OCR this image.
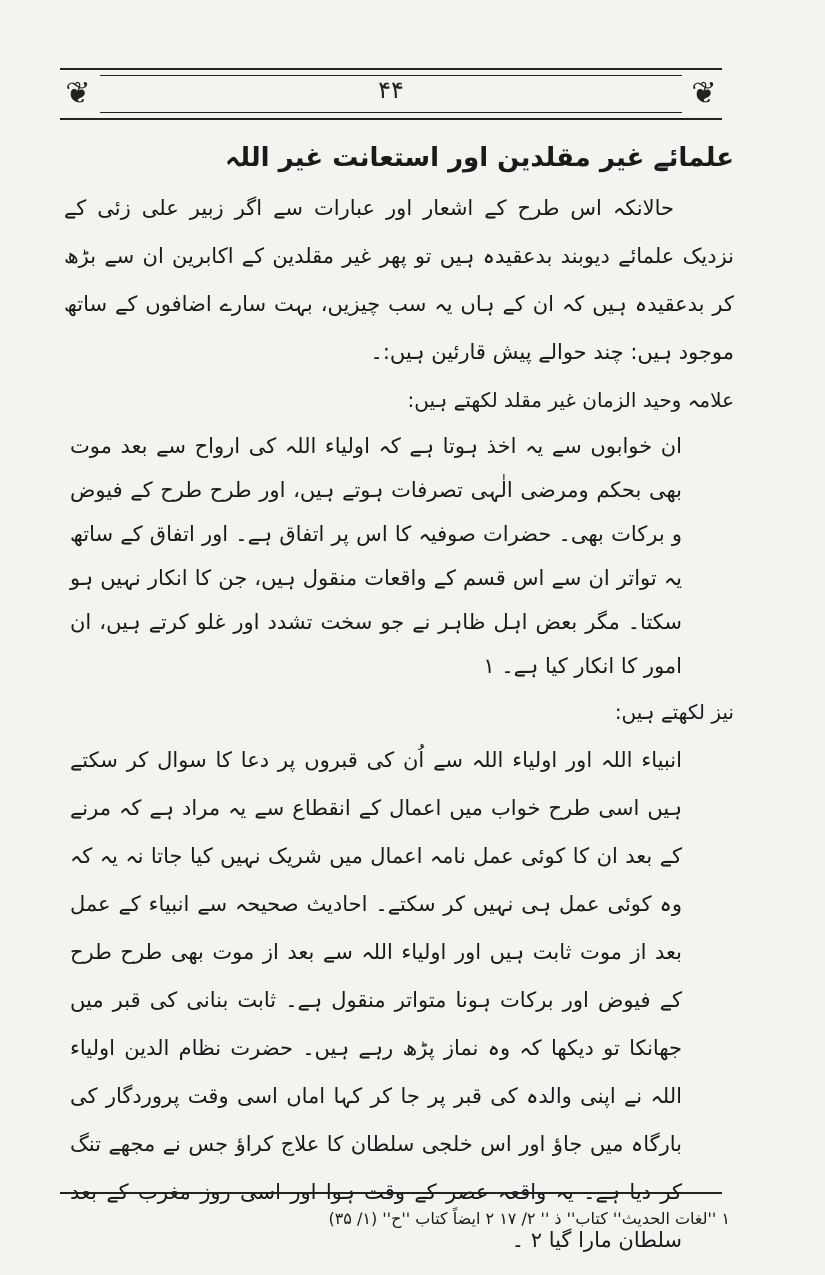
❦	۴۴	❦
علمائے غیر مقلدین اور استعانت غیر اللہ

حالانکہ اس طرح کے اشعار اور عبارات سے اگر زبیر علی زئی کے نزدیک علمائے دیوبند بدعقیدہ ہیں تو پھر غیر مقلدین کے اکابرین ان سے بڑھ کر بدعقیدہ ہیں کہ ان کے ہاں یہ سب چیزیں، بہت سارے اضافوں کے ساتھ موجود ہیں: چند حوالے پیش قارئین ہیں:۔

علامہ وحید الزمان غیر مقلد لکھتے ہیں:

ان خوابوں سے یہ اخذ ہوتا ہے کہ اولیاء اللہ کی ارواح سے بعد موت بھی بحکم ومرضی الٰہی تصرفات ہوتے ہیں، اور طرح طرح کے فیوض و برکات بھی۔ حضرات صوفیہ کا اس پر اتفاق ہے۔ اور اتفاق کے ساتھ یہ تواتر ان سے اس قسم کے واقعات منقول ہیں، جن کا انکار نہیں ہو سکتا۔ مگر بعض اہل ظاہر نے جو سخت تشدد اور غلو کرتے ہیں، ان امور کا انکار کیا ہے۔ ۱

نیز لکھتے ہیں:

انبیاء اللہ اور اولیاء اللہ سے اُن کی قبروں پر دعا کا سوال کر سکتے ہیں اسی طرح خواب میں اعمال کے انقطاع سے یہ مراد ہے کہ مرنے کے بعد ان کا کوئی عمل نامہ اعمال میں شریک نہیں کیا جاتا نہ یہ کہ وہ کوئی عمل ہی نہیں کر سکتے۔ احادیث صحیحہ سے انبیاء کے عمل بعد از موت ثابت ہیں اور اولیاء اللہ سے بعد از موت بھی طرح طرح کے فیوض اور برکات ہونا متواتر منقول ہے۔ ثابت بنانی کی قبر میں جھانکا تو دیکھا کہ وہ نماز پڑھ رہے ہیں۔ حضرت نظام الدین اولیاء اللہ نے اپنی والدہ کی قبر پر جا کر کہا اماں اسی وقت پروردگار کی بارگاہ میں جاؤ اور اس خلجی سلطان کا علاج کراؤ جس نے مجھے تنگ کر دیا ہے۔ یہ واقعہ عصر کے وقت ہوا اور اسی روز مغرب کے بعد سلطان مارا گیا ۲ ۔

۱ ''لغات الحدیث'' کتاب'' ذ '' ۲/ ۱۷ ۲ ایضاً کتاب ''ح'' (۱/ ۳۵)
